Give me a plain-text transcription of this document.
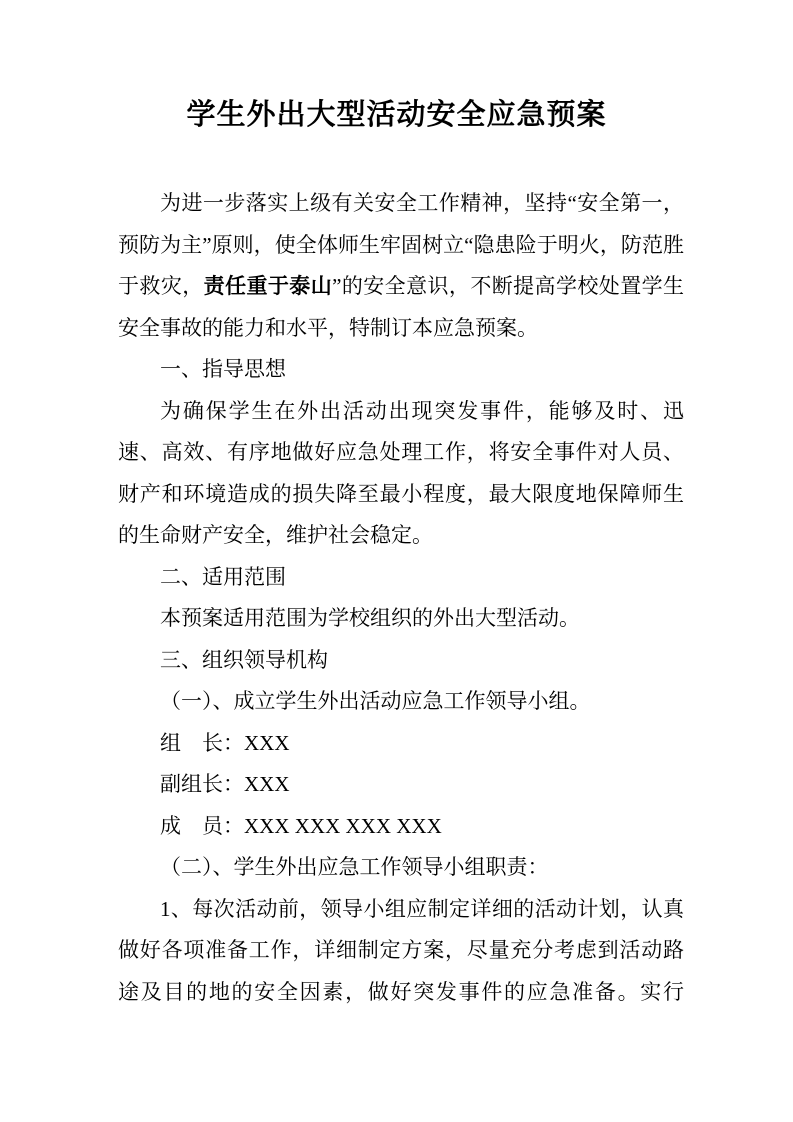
学生外出大型活动安全应急预案

为进一步落实上级有关安全工作精神，坚持“安全第一，预防为主”原则，使全体师生牢固树立“隐患险于明火，防范胜于救灾，责任重于泰山”的安全意识，不断提高学校处置学生安全事故的能力和水平，特制订本应急预案。

一、指导思想

为确保学生在外出活动出现突发事件，能够及时、迅速、高效、有序地做好应急处理工作，将安全事件对人员、财产和环境造成的损失降至最小程度，最大限度地保障师生的生命财产安全，维护社会稳定。

二、适用范围

本预案适用范围为学校组织的外出大型活动。

三、组织领导机构

（一）、成立学生外出活动应急工作领导小组。

组　长：XXX

副组长：XXX

成　员：XXX XXX XXX XXX

（二）、学生外出应急工作领导小组职责：

1、每次活动前，领导小组应制定详细的活动计划，认真做好各项准备工作，详细制定方案，尽量充分考虑到活动路途及目的地的安全因素，做好突发事件的应急准备。实行
